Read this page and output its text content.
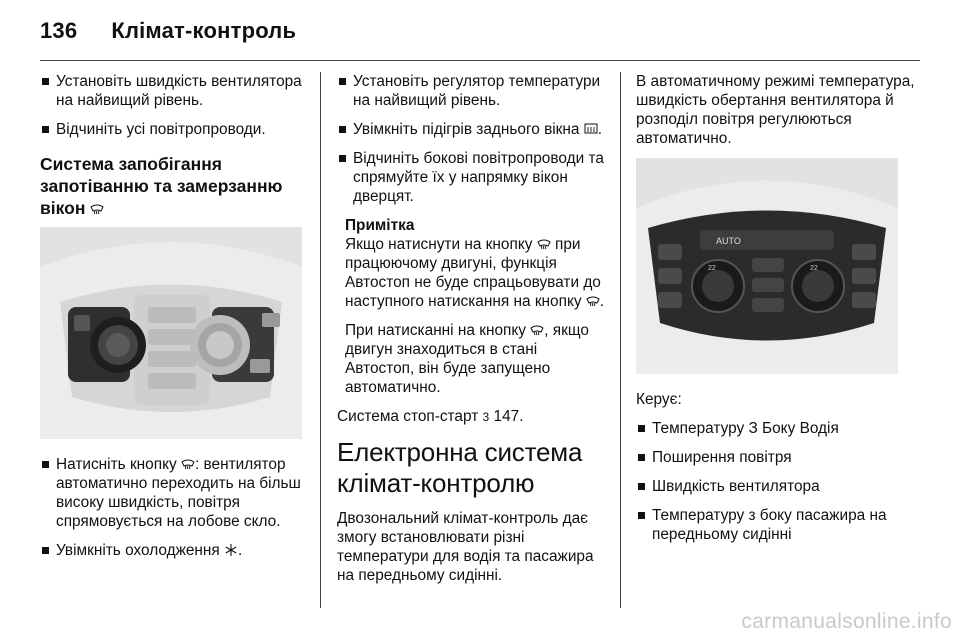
136 Клімат-контроль
Установіть швидкість вентилятора на найвищий рівень.
Відчиніть усі повітропроводи.
Система запобігання запотіванню та замерзанню вікон
Натисніть кнопку : вентилятор автоматично переходить на більш високу швидкість, повітря спрямовується на лобове скло.
Увімкніть охолодження .
Установіть регулятор температури на найвищий рівень.
Увімкніть підігрів заднього вікна .
Відчиніть бокові повітропроводи та спрямуйте їх у напрямку вікон дверцят.
Примітка

Якщо натиснути на кнопку при працюючому двигуні, функція Автостоп не буде спрацьовувати до наступного натискання на кнопку .

При натисканні на кнопку , якщо двигун знаходиться в стані Автостоп, він буде запущено автоматично.

Система стоп-старт 3 147.

Електронна система клімат-контролю

Двозональний клімат-контроль дає змогу встановлювати різні температури для водія та пасажира на передньому сидінні.

В автоматичному режимі температура, швидкість обертання вентилятора й розподіл повітря регулюються автоматично.

AUTO
22	22

Керує:

Температуру З Боку Водія
Поширення повітря
Швидкість вентилятора
Температуру з боку пасажира на передньому сидінні
carmanualsonline.info
